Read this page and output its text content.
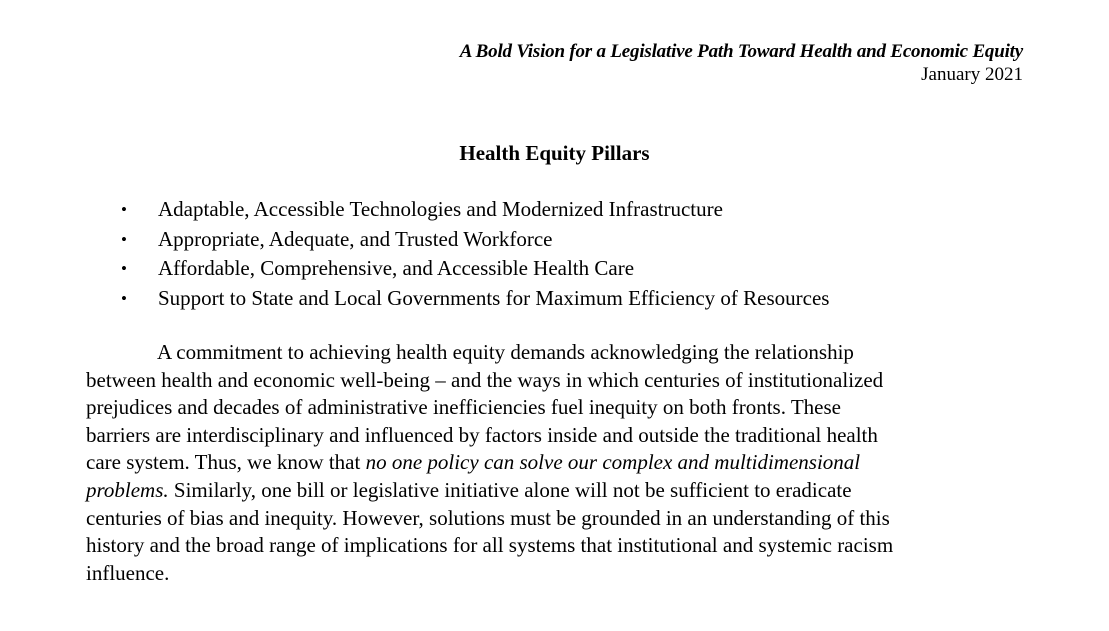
A Bold Vision for a Legislative Path Toward Health and Economic Equity
January 2021
Health Equity Pillars
• Adaptable, Accessible Technologies and Modernized Infrastructure
• Appropriate, Adequate, and Trusted Workforce
• Affordable, Comprehensive, and Accessible Health Care
• Support to State and Local Governments for Maximum Efficiency of Resources
A commitment to achieving health equity demands acknowledging the relationship
between health and economic well-being – and the ways in which centuries of institutionalized
prejudices and decades of administrative inefficiencies fuel inequity on both fronts. These
barriers are interdisciplinary and influenced by factors inside and outside the traditional health
care system. Thus, we know that no one policy can solve our complex and multidimensional
problems. Similarly, one bill or legislative initiative alone will not be sufficient to eradicate
centuries of bias and inequity. However, solutions must be grounded in an understanding of this
history and the broad range of implications for all systems that institutional and systemic racism
influence.
